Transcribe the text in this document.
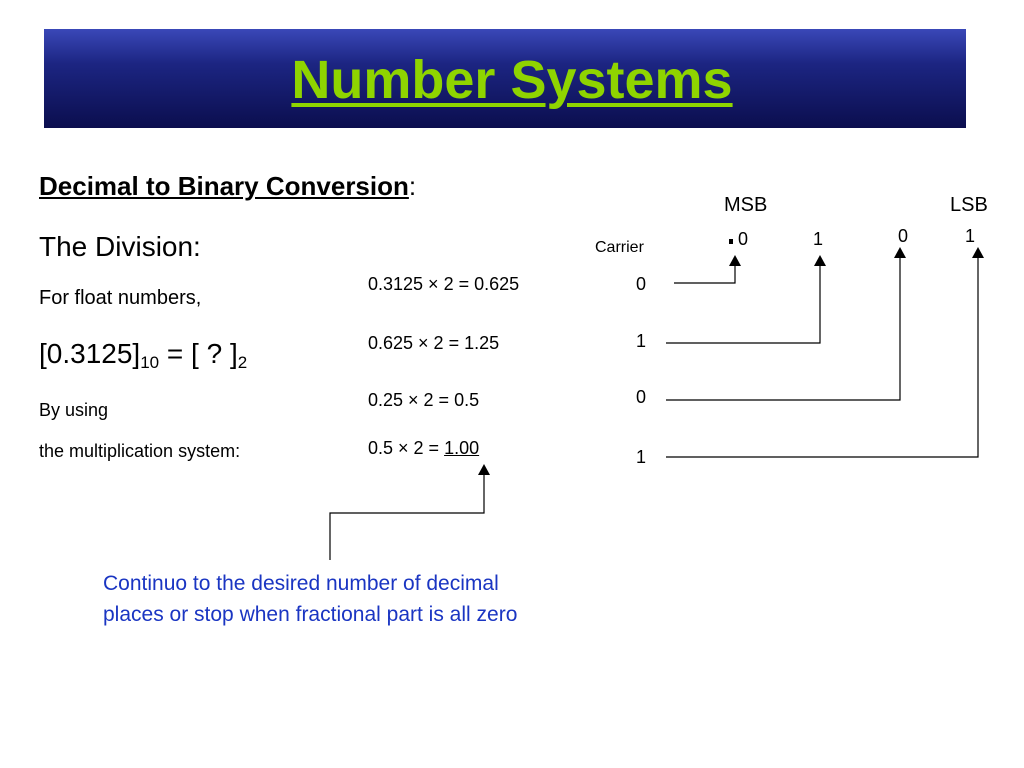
Number Systems
Decimal to Binary Conversion:
The Division:
For float numbers,
$[0.3125]_{10}$ = [ ? ]$_2$
By using
the multiplication system:
0.3125 × 2 = 0.625
0.625 × 2 = 1.25
0.25 × 2 = 0.5
0.5 × 2 = 1.00
Carrier
0
1
0
1
MSB	LSB
0	1	0	1
Continuo to the desired number of decimal places or stop when fractional part is all zero
